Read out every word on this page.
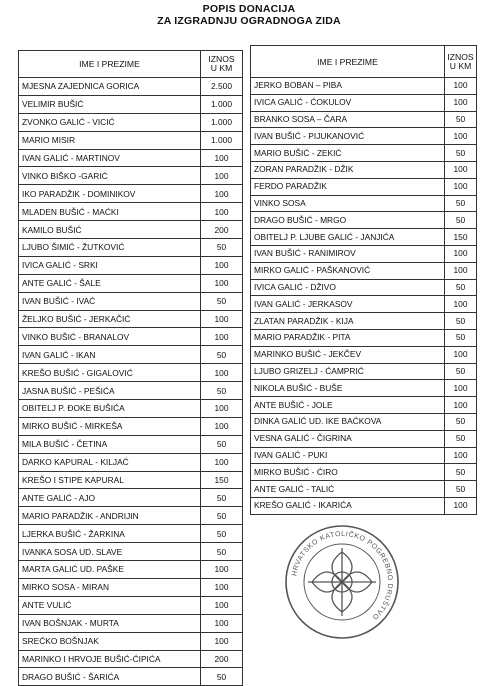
POPIS DONACIJA
ZA IZGRADNJU OGRADNOGA ZIDA
IME I PREZIME	IZNOS
U KM
MJESNA ZAJEDNICA GORICA	2.500
VELIMIR BUŠIĆ	1.000
ZVONKO GALIĆ - VICIĆ	1.000
MARIO MISIR	1.000
IVAN GALIĆ - MARTINOV	100
VINKO BIŠKO -GARIĆ	100
IKO PARADŽIK - DOMINIKOV	100
MLADEN BUŠIĆ - MAĆKI	100
KAMILO BUŠIĆ	200
LJUBO ŠIMIĆ - ŽUTKOVIĆ	50
IVICA GALIĆ - SRKI	100
ANTE GALIĆ - ŠALE	100
IVAN BUŠIĆ - IVAĆ	50
ŽELJKO BUŠIĆ - JERKAČIĆ	100
VINKO BUŠIĆ - BRANALOV	100
IVAN GALIĆ - IKAN	50
KREŠO BUŠIĆ - GIGALOVIĆ	100
JASNA BUŠIĆ - PEŠIĆA	50
OBITELJ P. ĐOKE BUŠIĆA	100
MIRKO BUŠIĆ - MIRKEŠA	100
MILA BUŠIĆ - ČETINA	50
DARKO KAPURAL - KILJAĆ	100
KREŠO I STIPE KAPURAL	150
ANTE GALIĆ - AJO	50
MARIO PARADŽIK - ANDRIJIN	50
LJERKA BUŠIĆ - ŽARKINA	50
IVANKA SOSA UD. SLAVE	50
MARTA GALIĆ UD. PAŠKE	100
MIRKO SOSA - MIRAN	100
ANTE VULIĆ	100
IVAN BOŠNJAK - MURTA	100
SREĆKO BOŠNJAK	100
MARINKO I HRVOJE BUŠIĆ-ĆIPIĆA	200
DRAGO BUŠIĆ - ŠARIĆA	50
IME I PREZIME	IZNOS
U KM
JERKO BOBAN – PIBA	100
IVICA GALIĆ - ĆOKULOV	100
BRANKO SOSA – ČARA	50
IVAN BUŠIĆ - PIJUKANOVIĆ	100
MARIO BUŠIĆ - ZEKIĆ	50
ZORAN PARADŽIK - DŽIK	100
FERDO PARADŽIK	100
VINKO SOSA	50
DRAGO BUŠIĆ - MRGO	50
OBITELJ P. LJUBE GALIĆ - JANJIĆA	150
IVAN BUŠIĆ - RANIMIROV	100
MIRKO GALIĆ - PAŠKANOVIĆ	100
IVICA GALIĆ - DŽIVO	50
IVAN GALIĆ - JERKASOV	100
ZLATAN PARADŽIK - KIJA	50
MARIO PARADŽIK - PITA	50
MARINKO BUŠIĆ - JEKČEV	100
LJUBO GRIZELJ - ĆAMPRIĆ	50
NIKOLA BUŠIĆ - BUŠE	100
ANTE BUŠIĆ - JOLE	100
DINKA GALIĆ UD. IKE BAĆKOVA	50
VESNA GALIĆ - ČIGRINA	50
IVAN GALIĆ - PUKI	100
MIRKO BUŠIĆ - ĆIRO	50
ANTE GALIĆ - TALIĆ	50
KREŠO GALIĆ - IKARIĆA	100
HRVATSKO KATOLIČKO POGREBNO DRUŠTVO
